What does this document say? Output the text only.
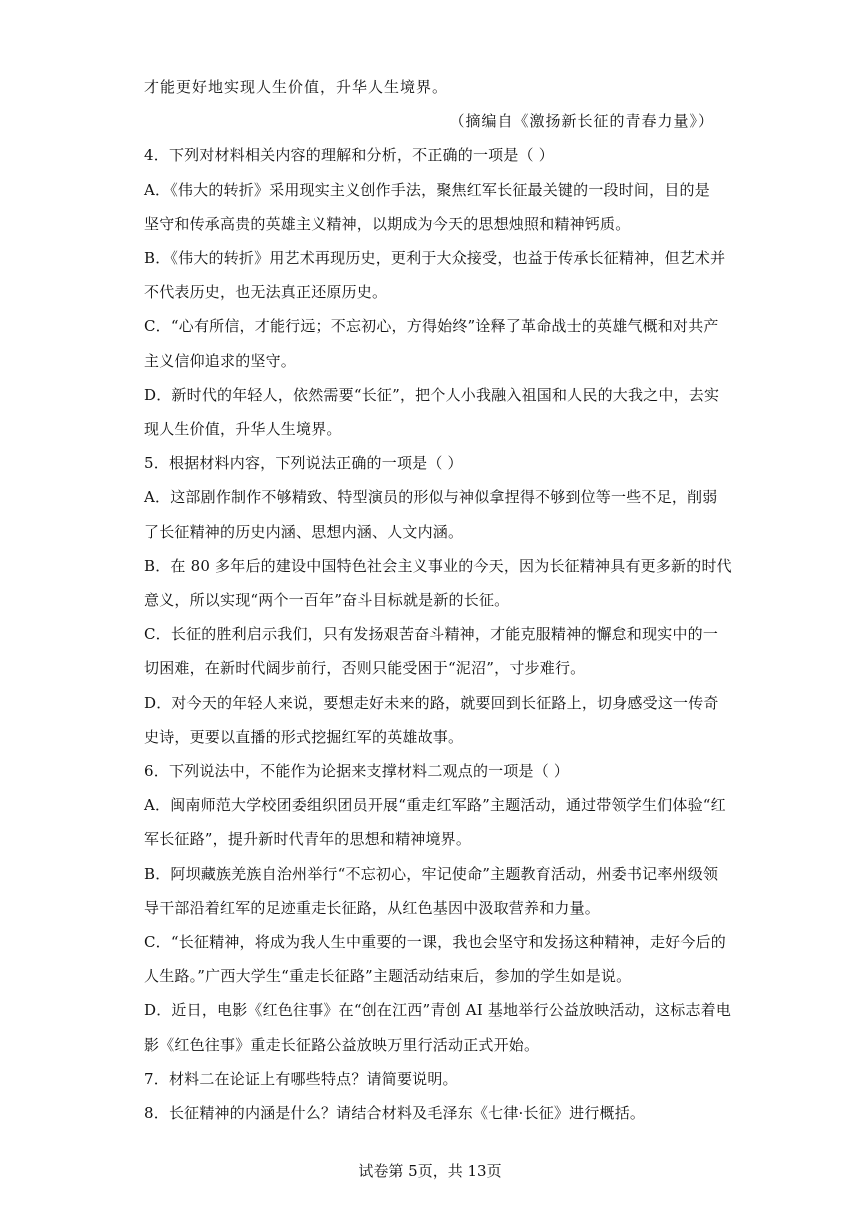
才能更好地实现人生价值，升华人生境界。
（摘编自《激扬新长征的青春力量》）
4．下列对材料相关内容的理解和分析，不正确的一项是（ ）
A．《伟大的转折》采用现实主义创作手法，聚焦红军长征最关键的一段时间，目的是
坚守和传承高贵的英雄主义精神，以期成为今天的思想烛照和精神钙质。
B．《伟大的转折》用艺术再现历史，更利于大众接受，也益于传承长征精神，但艺术并
不代表历史，也无法真正还原历史。
C．“心有所信，才能行远；不忘初心，方得始终”诠释了革命战士的英雄气概和对共产
主义信仰追求的坚守。
D．新时代的年轻人，依然需要“长征”，把个人小我融入祖国和人民的大我之中，去实
现人生价值，升华人生境界。
5．根据材料内容，下列说法正确的一项是（ ）
A．这部剧作制作不够精致、特型演员的形似与神似拿捏得不够到位等一些不足，削弱
了长征精神的历史内涵、思想内涵、人文内涵。
B．在 80 多年后的建设中国特色社会主义事业的今天，因为长征精神具有更多新的时代
意义，所以实现“两个一百年”奋斗目标就是新的长征。
C．长征的胜利启示我们，只有发扬艰苦奋斗精神，才能克服精神的懈怠和现实中的一
切困难，在新时代阔步前行，否则只能受困于“泥沼”，寸步难行。
D．对今天的年轻人来说，要想走好未来的路，就要回到长征路上，切身感受这一传奇
史诗，更要以直播的形式挖掘红军的英雄故事。
6．下列说法中，不能作为论据来支撑材料二观点的一项是（ ）
A．闽南师范大学校团委组织团员开展“重走红军路”主题活动，通过带领学生们体验“红
军长征路”，提升新时代青年的思想和精神境界。
B．阿坝藏族羌族自治州举行“不忘初心，牢记使命”主题教育活动，州委书记率州级领
导干部沿着红军的足迹重走长征路，从红色基因中汲取营养和力量。
C．“长征精神，将成为我人生中重要的一课，我也会坚守和发扬这种精神，走好今后的
人生路。”广西大学生“重走长征路”主题活动结束后，参加的学生如是说。
D．近日，电影《红色往事》在“创在江西”青创 AI 基地举行公益放映活动，这标志着电
影《红色往事》重走长征路公益放映万里行活动正式开始。
7．材料二在论证上有哪些特点？请简要说明。
8．长征精神的内涵是什么？请结合材料及毛泽东《七律·长征》进行概括。
试卷第 5页，共 13页
